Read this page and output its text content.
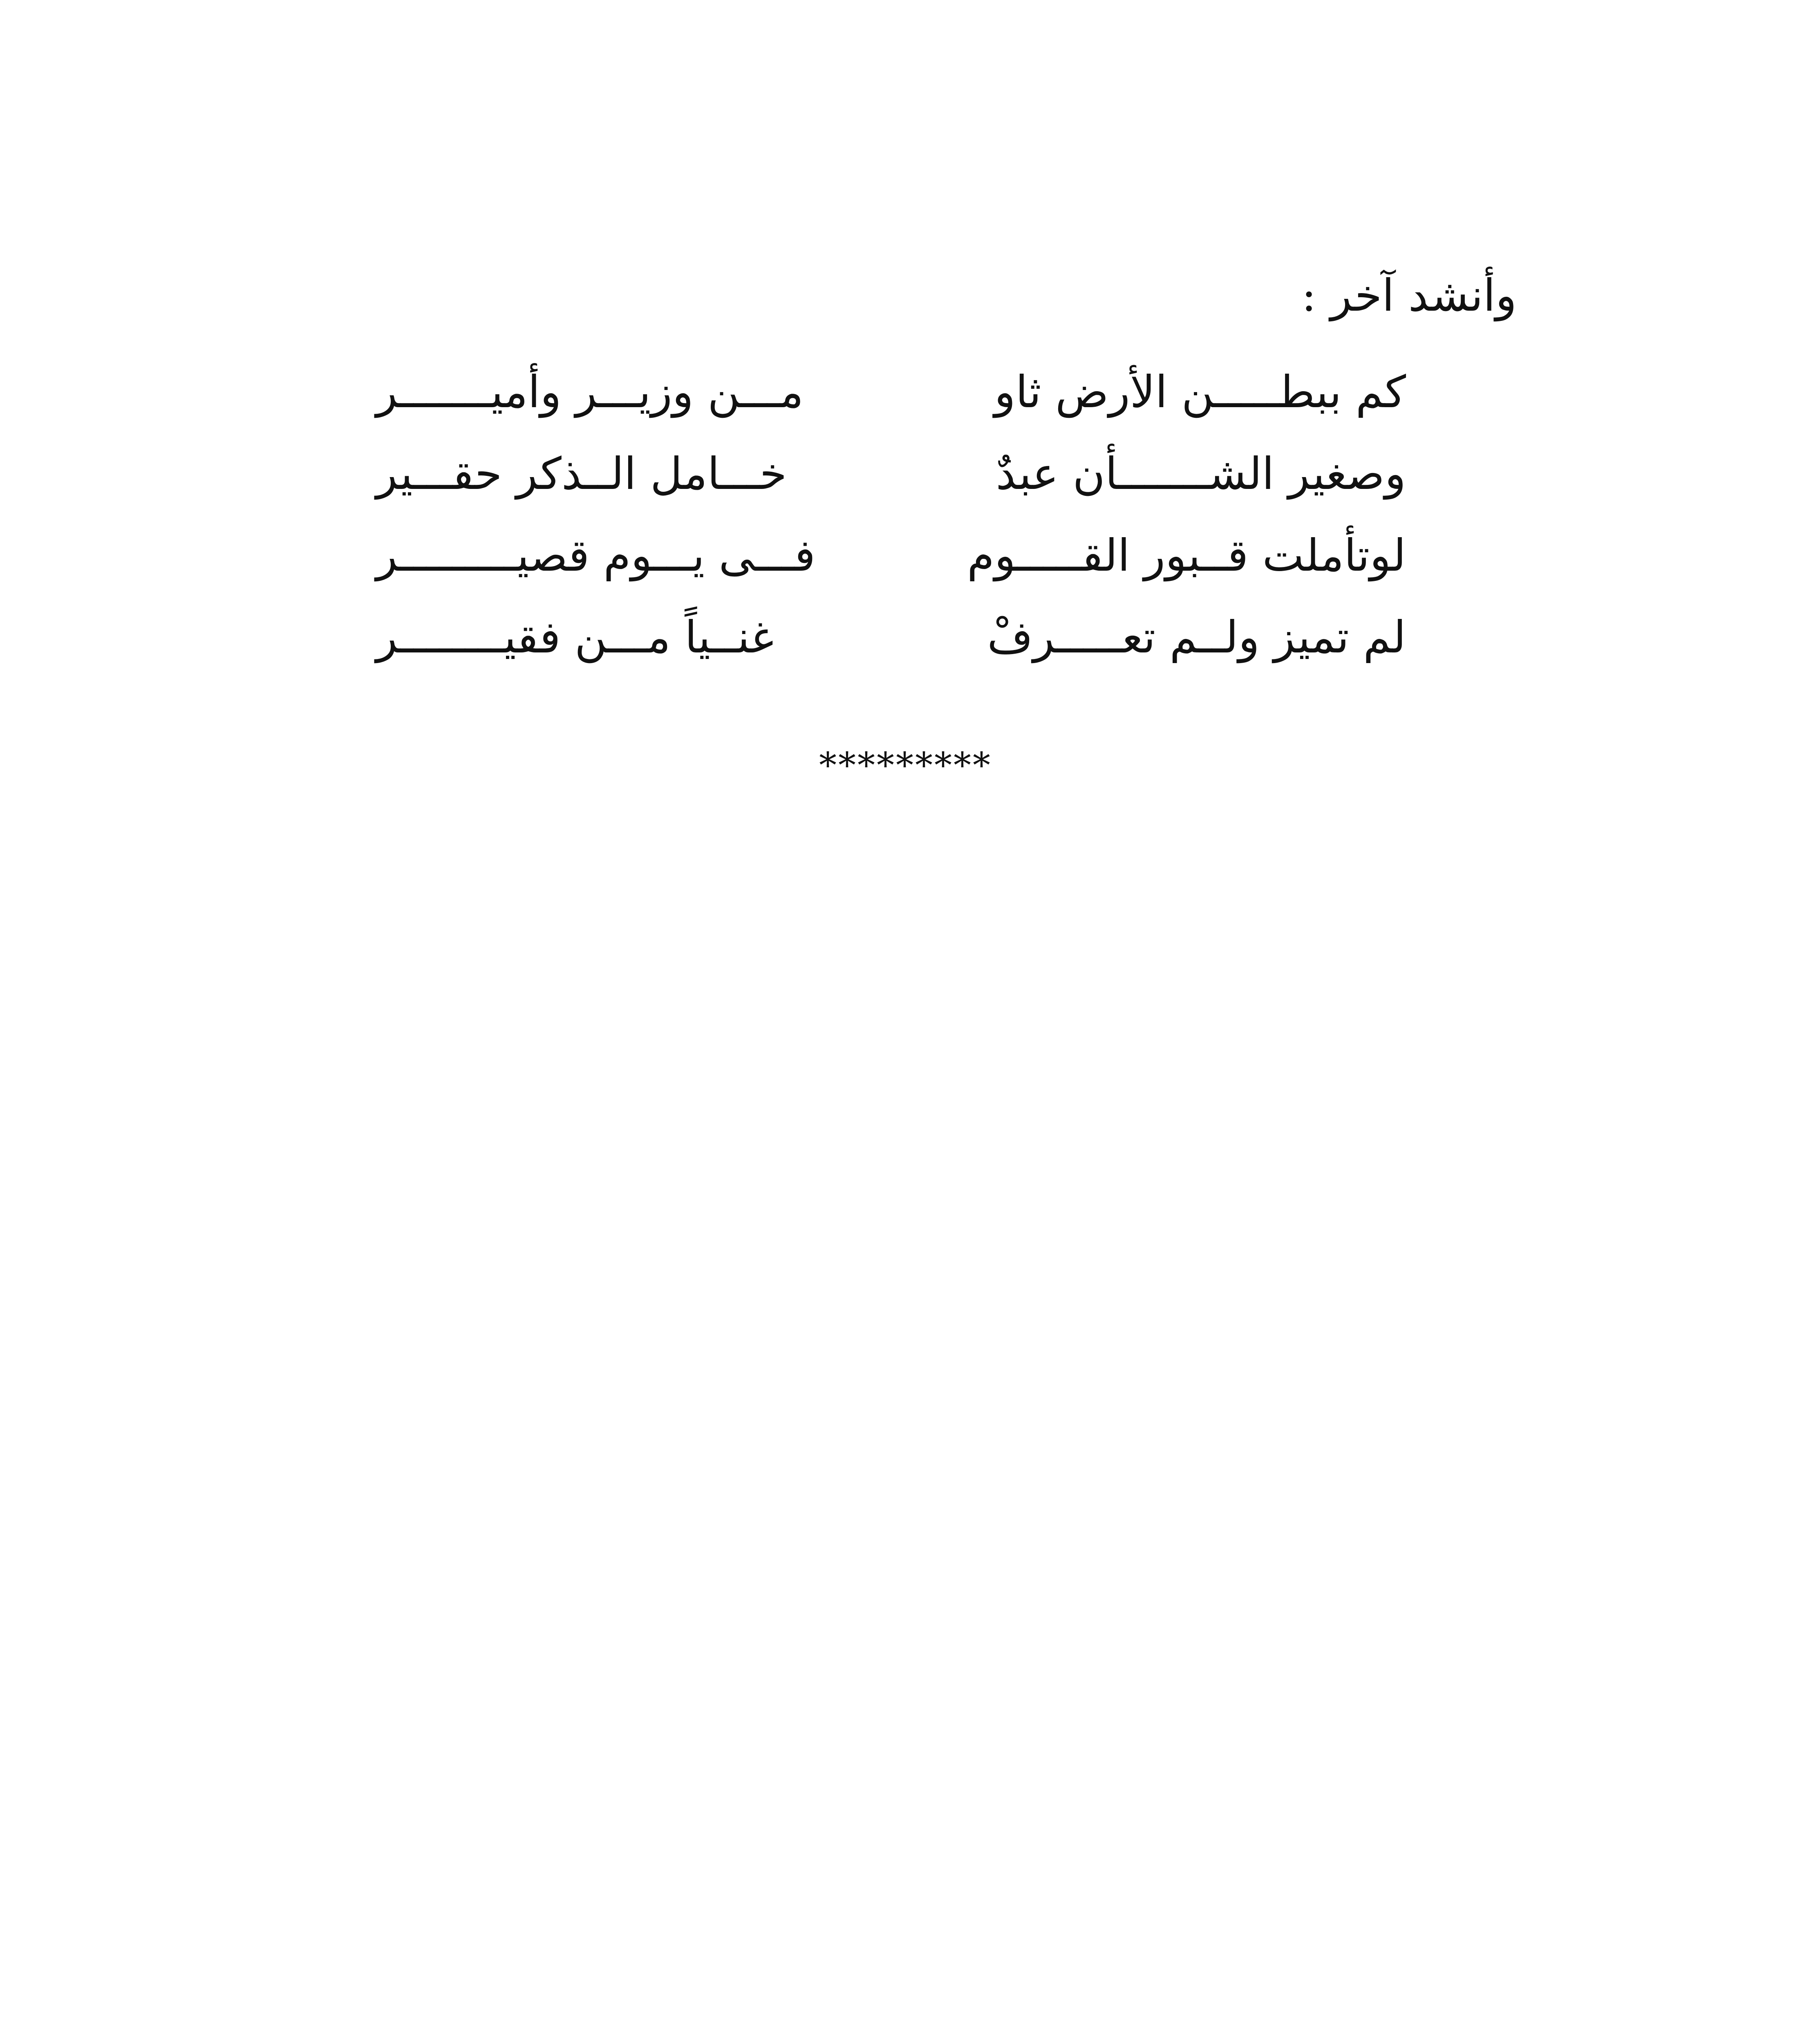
وأنشد آخر :
كم ببطـــــن الأرض ثاو
مـــن وزيـــر وأميـــــــر
وصغير الشـــــــأن عبدٌ
خـــامل الــذكر حقـــير
لوتأملت قــبور القـــــوم
فـــى يـــوم قصيـــــــــر
لم تميز ولــم تعـــــرفْ
غنــياً مـــن فقيــــــــر
*********
